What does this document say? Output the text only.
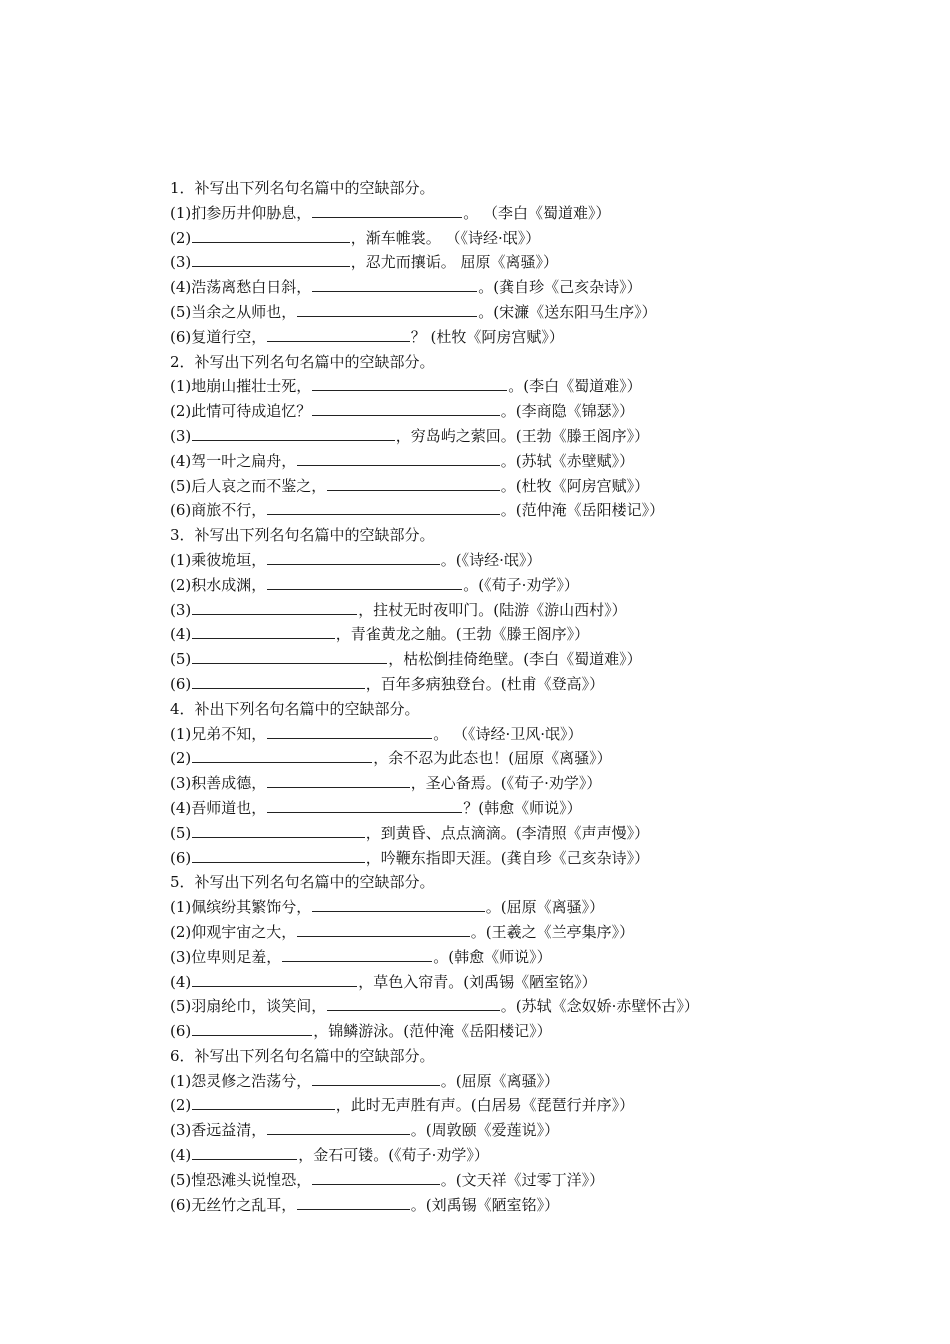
1．补写出下列名句名篇中的空缺部分。
(1)扪参历井仰胁息，	。 （李白《蜀道难》）
(2)	，渐车帷裳。 （《诗经·氓》）
(3)	，忍尤而攘诟。 屈原《离骚》）
(4)浩荡离愁白日斜，	。(龚自珍《己亥杂诗》）
(5)当余之从师也，	。(宋濂《送东阳马生序》）
(6)复道行空，	？ (杜牧《阿房宫赋》）
2．补写出下列名句名篇中的空缺部分。
(1)地崩山摧壮士死，	。(李白《蜀道难》）
(2)此情可待成追忆？	。(李商隐《锦瑟》）
(3)	，穷岛屿之萦回。(王勃《滕王阁序》）
(4)驾一叶之扁舟，	。(苏轼《赤壁赋》）
(5)后人哀之而不鉴之，	。(杜牧《阿房宫赋》）
(6)商旅不行，	。(范仲淹《岳阳楼记》）
3．补写出下列名句名篇中的空缺部分。
(1)乘彼垝垣，	。(《诗经·氓》）
(2)积水成渊，	。(《荀子·劝学》）
(3)	，拄杖无时夜叩门。(陆游《游山西村》）
(4)	，青雀黄龙之舳。(王勃《滕王阁序》）
(5)	，枯松倒挂倚绝壁。(李白《蜀道难》）
(6)	，百年多病独登台。(杜甫《登高》）
4．补出下列名句名篇中的空缺部分。
(1)兄弟不知，	。 （《诗经·卫风·氓》）
(2)	，余不忍为此态也！(屈原《离骚》）
(3)积善成德，	，圣心备焉。(《荀子·劝学》）
(4)吾师道也，	？(韩愈《师说》）
(5)	，到黄昏、点点滴滴。(李清照《声声慢》）
(6)	，吟鞭东指即天涯。(龚自珍《己亥杂诗》）
5．补写出下列名句名篇中的空缺部分。
(1)佩缤纷其繁饰兮，	。(屈原《离骚》）
(2)仰观宇宙之大，	。(王羲之《兰亭集序》）
(3)位卑则足羞，	。(韩愈《师说》）
(4)	，草色入帘青。(刘禹锡《陋室铭》）
(5)羽扇纶巾，谈笑间，	。(苏轼《念奴娇·赤壁怀古》）
(6)	，锦鳞游泳。(范仲淹《岳阳楼记》）
6．补写出下列名句名篇中的空缺部分。
(1)怨灵修之浩荡兮，	。(屈原《离骚》）
(2)	，此时无声胜有声。(白居易《琵琶行并序》）
(3)香远益清，	。(周敦颐《爱莲说》）
(4)	，金石可镂。(《荀子·劝学》）
(5)惶恐滩头说惶恐，	。(文天祥《过零丁洋》）
(6)无丝竹之乱耳，	。(刘禹锡《陋室铭》）
